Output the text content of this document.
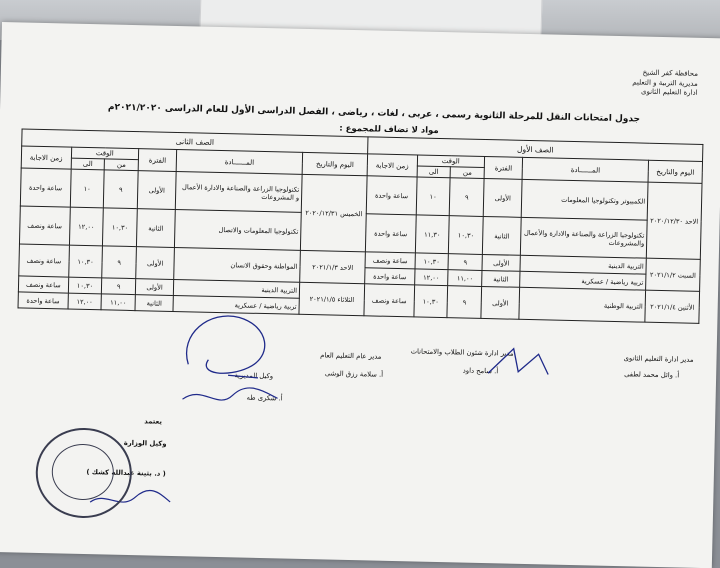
محافظة كفر الشيخ
مديرية التربية و التعليم
ادارة التعليم الثانوى
جدول امتحانات النقل للمرحلة الثانوية رسمى ، عربى ، لغات ، رياضى ، الفصل الدراسى الأول للعام الدراسى ٢٠٢١/٢٠٢٠م
مواد لا تضاف للمجموع :
الصف الأول						الصف الثانى					
اليوم والتاريخ	المــــــادة	الفترة	الوقت		زمن الاجابة	اليوم والتاريخ	المــــــادة	الفترة	الوقت		زمن الاجابة
			من	الى					من	الى	
الاحد ٢٠٢٠/١٢/٣٠	الكمبيوتر وتكنولوجيا المعلومات	الأولى	٩	١٠	ساعة واحدة	الخميس ٢٠٢٠/١٢/٣١	تكنولوجيا الزراعة والصناعة والادارة الأعمال و المشروعات	الأولى	٩	١٠	ساعة واحدة
	تكنولوجيا الزراعة والصناعة والادارة والأعمال والمشروعات	الثانية	١٠,٣٠	١١,٣٠	ساعة واحدة		تكنولوجيا المعلومات والاتصال	الثانية	١٠,٣٠	١٢,٠٠	ساعة ونصف
السبت ٢٠٢١/١/٢	التربية الدينية	الأولى	٩	١٠,٣٠	ساعة ونصف	الاحد ٢٠٢١/١/٣	المواطنة وحقوق الانسان	الأولى	٩	١٠,٣٠	ساعة ونصف
	تربية رياضية / عسكرية	الثانية	١١,٠٠	١٢,٠٠	ساعة واحدة						
الأثنين ٢٠٢١/١/٤	التربية الوطنية	الأولى	٩	١٠,٣٠	ساعة ونصف	الثلاثاء ٢٠٢١/١/٥	التربية الدينية	الأولى	٩	١٠,٣٠	ساعة ونصف
							تربية رياضية / عسكرية	الثانية	١١,٠٠	١٢,٠٠	ساعة واحدة
مدير ادارة التعليم الثانوى
أ. وائل محمد لطفى
مدير ادارة شئون الطلاب والامتحانات
أ. سامح داود
مدير عام التعليم العام
أ. سلامة رزق الوشى
وكيل المديرية
أ. شكرى طه
يعتمد
وكيل الوزارة
( د. بثينة عبدالله كشك )
